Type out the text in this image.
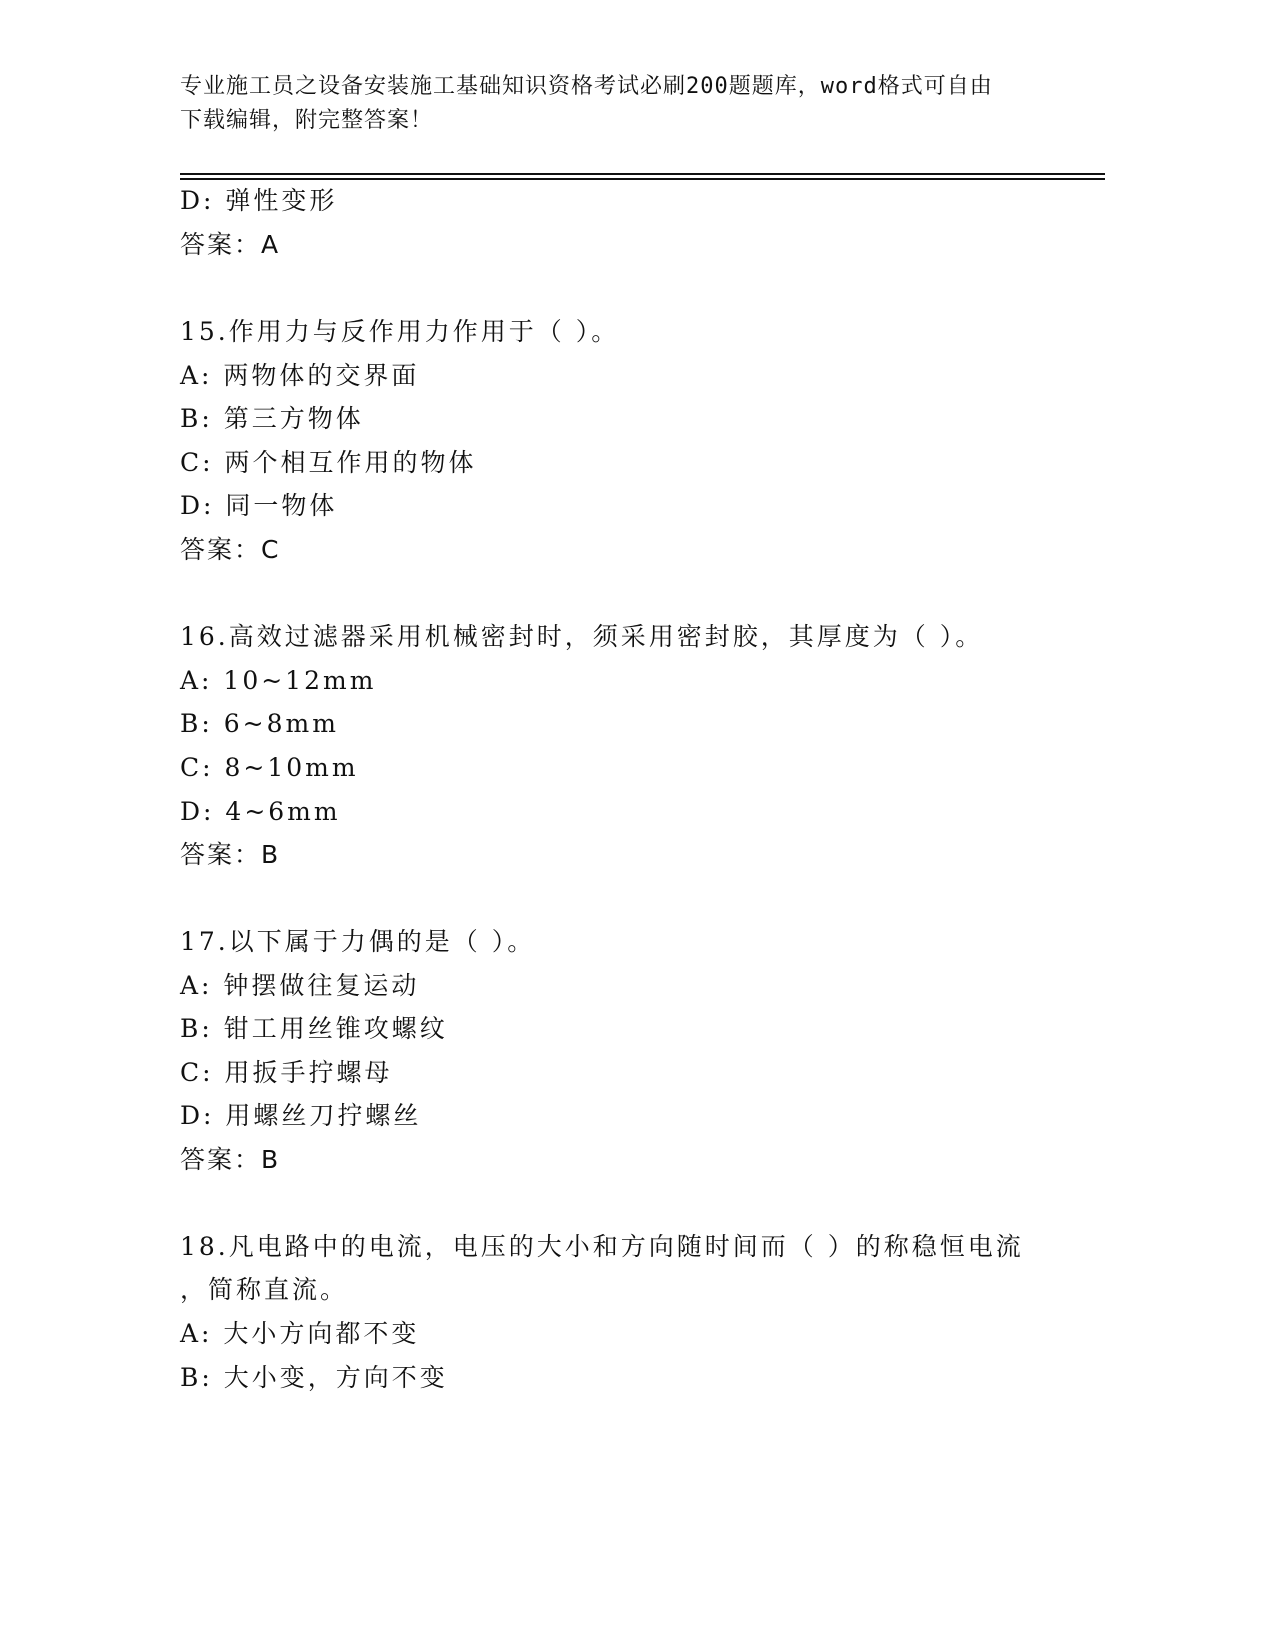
专业施工员之设备安装施工基础知识资格考试必刷200题题库，word格式可自由
下载编辑，附完整答案！
D: 弹性变形
答案：A
15.作用力与反作用力作用于（ ）。
A: 两物体的交界面
B: 第三方物体
C: 两个相互作用的物体
D: 同一物体
答案：C
16.高效过滤器采用机械密封时，须采用密封胶，其厚度为（ ）。
A: 10~12mm
B: 6~8mm
C: 8~10mm
D: 4~6mm
答案：B
17.以下属于力偶的是（ ）。
A: 钟摆做往复运动
B: 钳工用丝锥攻螺纹
C: 用扳手拧螺母
D: 用螺丝刀拧螺丝
答案：B
18.凡电路中的电流，电压的大小和方向随时间而（ ）的称稳恒电流
，简称直流。
A: 大小方向都不变
B: 大小变，方向不变
